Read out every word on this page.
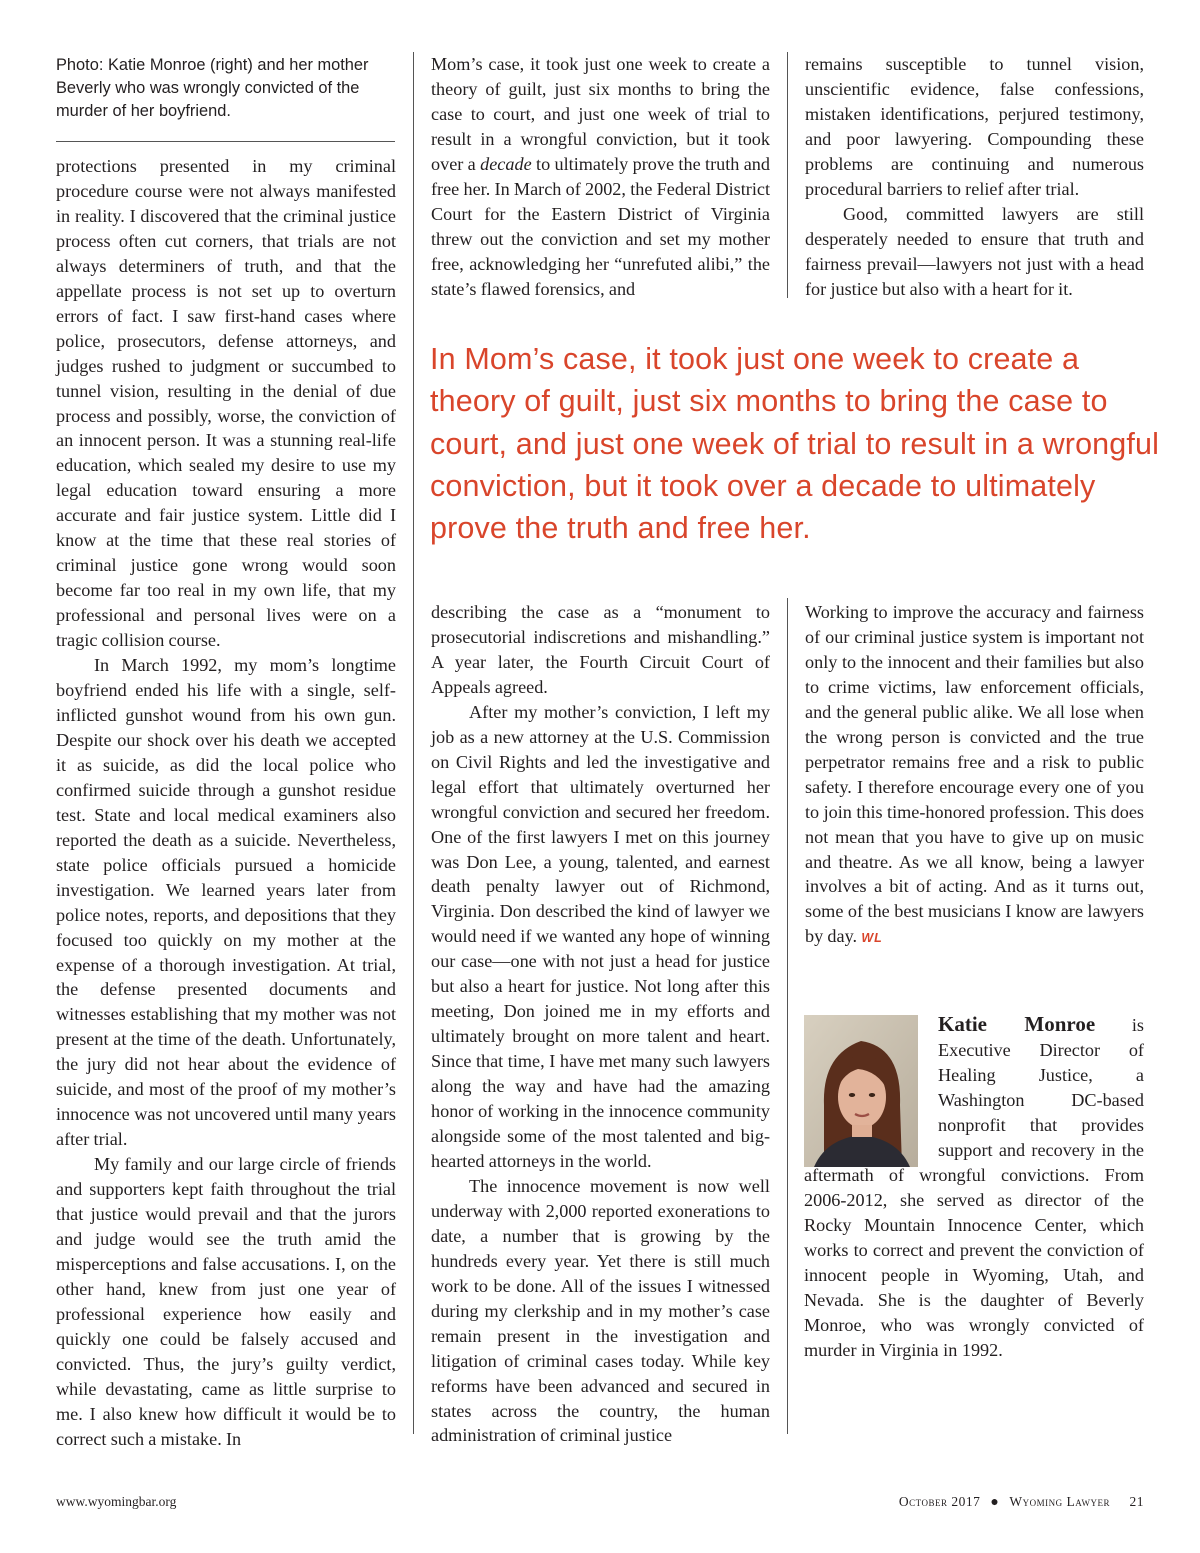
Photo: Katie Monroe (right) and her mother Beverly who was wrongly convicted of the murder of her boyfriend.

protections presented in my criminal procedure course were not always manifested in reality. I discovered that the criminal justice process often cut corners, that trials are not always determiners of truth, and that the appellate process is not set up to overturn errors of fact. I saw first-hand cases where police, prosecutors, defense attorneys, and judges rushed to judgment or succumbed to tunnel vision, resulting in the denial of due process and possibly, worse, the conviction of an innocent person. It was a stunning real-life education, which sealed my desire to use my legal education toward ensuring a more accurate and fair justice system. Little did I know at the time that these real stories of criminal justice gone wrong would soon become far too real in my own life, that my professional and personal lives were on a tragic collision course.

In March 1992, my mom’s longtime boyfriend ended his life with a single, self-inflicted gunshot wound from his own gun. Despite our shock over his death we accepted it as suicide, as did the local police who confirmed suicide through a gunshot residue test. State and local medical examiners also reported the death as a suicide. Nevertheless, state police officials pursued a homicide investigation. We learned years later from police notes, reports, and depositions that they focused too quickly on my mother at the expense of a thorough investigation. At trial, the defense presented documents and witnesses establishing that my mother was not present at the time of the death. Unfortunately, the jury did not hear about the evidence of suicide, and most of the proof of my mother’s innocence was not uncovered until many years after trial.

My family and our large circle of friends and supporters kept faith throughout the trial that justice would prevail and that the jurors and judge would see the truth amid the misperceptions and false accusations. I, on the other hand, knew from just one year of professional experience how easily and quickly one could be falsely accused and convicted. Thus, the jury’s guilty verdict, while devastating, came as little surprise to me. I also knew how difficult it would be to correct such a mistake. In

Mom’s case, it took just one week to create a theory of guilt, just six months to bring the case to court, and just one week of trial to result in a wrongful conviction, but it took over a decade to ultimately prove the truth and free her. In March of 2002, the Federal District Court for the Eastern District of Virginia threw out the conviction and set my mother free, acknowledging her “unrefuted alibi,” the state’s flawed forensics, and

remains susceptible to tunnel vision, unscientific evidence, false confessions, mistaken identifications, perjured testimony, and poor lawyering. Compounding these problems are continuing and numerous procedural barriers to relief after trial.

Good, committed lawyers are still desperately needed to ensure that truth and fairness prevail—lawyers not just with a head for justice but also with a heart for it.

In Mom’s case, it took just one week to create a theory of guilt, just six months to bring the case to court, and just one week of trial to result in a wrongful conviction, but it took over a decade to ultimately prove the truth and free her.

describing the case as a “monument to prosecutorial indiscretions and mishandling.” A year later, the Fourth Circuit Court of Appeals agreed.

After my mother’s conviction, I left my job as a new attorney at the U.S. Commission on Civil Rights and led the investigative and legal effort that ultimately overturned her wrongful conviction and secured her freedom. One of the first lawyers I met on this journey was Don Lee, a young, talented, and earnest death penalty lawyer out of Richmond, Virginia. Don described the kind of lawyer we would need if we wanted any hope of winning our case—one with not just a head for justice but also a heart for justice. Not long after this meeting, Don joined me in my efforts and ultimately brought on more talent and heart. Since that time, I have met many such lawyers along the way and have had the amazing honor of working in the innocence community alongside some of the most talented and big-hearted attorneys in the world.

The innocence movement is now well underway with 2,000 reported exonerations to date, a number that is growing by the hundreds every year. Yet there is still much work to be done. All of the issues I witnessed during my clerkship and in my mother’s case remain present in the investigation and litigation of criminal cases today. While key reforms have been advanced and secured in states across the country, the human administration of criminal justice

Working to improve the accuracy and fairness of our criminal justice system is important not only to the innocent and their families but also to crime victims, law enforcement officials, and the general public alike. We all lose when the wrong person is convicted and the true perpetrator remains free and a risk to public safety. I therefore encourage every one of you to join this time-honored profession. This does not mean that you have to give up on music and theatre. As we all know, being a lawyer involves a bit of acting. And as it turns out, some of the best musicians I know are lawyers by day. WL

Katie Monroe is Executive Director of Healing Justice, a Washington DC-based nonprofit that provides support and recovery in the aftermath of wrongful convictions. From 2006-2012, she served as director of the Rocky Mountain Innocence Center, which works to correct and prevent the conviction of innocent people in Wyoming, Utah, and Nevada. She is the daughter of Beverly Monroe, who was wrongly convicted of murder in Virginia in 1992.
www.wyomingbar.org	October 2017 ● Wyoming Lawyer 21
